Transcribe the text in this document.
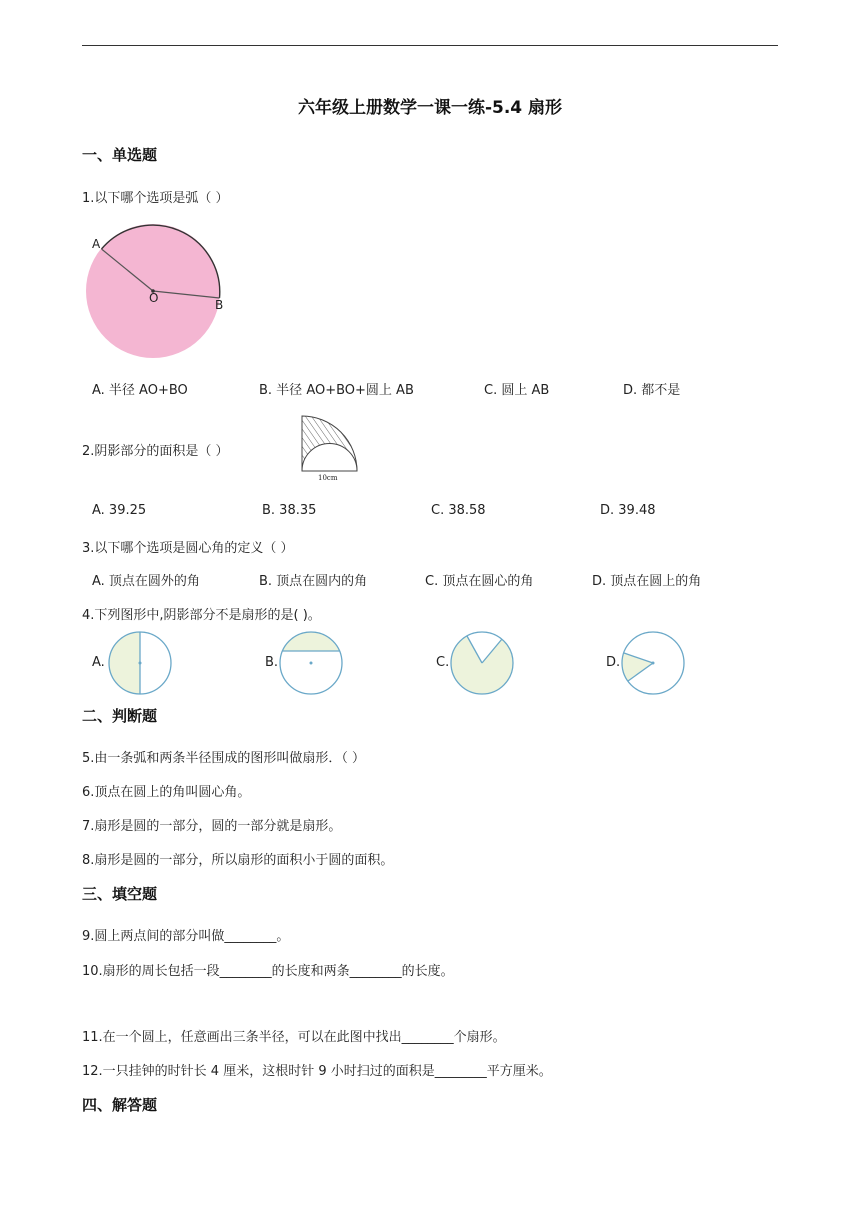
六年级上册数学一课一练-5.4 扇形
一、单选题
1.以下哪个选项是弧（ ）
A
O	B
A. 半径 AO+BO	B. 半径 AO+BO+圆上 AB	C. 圆上 AB	D. 都不是
2.阴影部分的面积是（ ）
10cm
A. 39.25	B. 38.35	C. 38.58	D. 39.48
3.以下哪个选项是圆心角的定义（ ）
A. 顶点在圆外的角	B. 顶点在圆内的角	C. 顶点在圆心的角	D. 顶点在圆上的角
4.下列图形中,阴影部分不是扇形的是( )。
A.	B.	C.	D.
二、判断题
5.由一条弧和两条半径围成的图形叫做扇形．（ ）
6.顶点在圆上的角叫圆心角。
7.扇形是圆的一部分，圆的一部分就是扇形。
8.扇形是圆的一部分，所以扇形的面积小于圆的面积。
三、填空题
9.圆上两点间的部分叫做________。
10.扇形的周长包括一段________的长度和两条________的长度。
11.在一个圆上，任意画出三条半径，可以在此图中找出________个扇形。
12.一只挂钟的时针长 4 厘米，这根时针 9 小时扫过的面积是________平方厘米。
四、解答题
